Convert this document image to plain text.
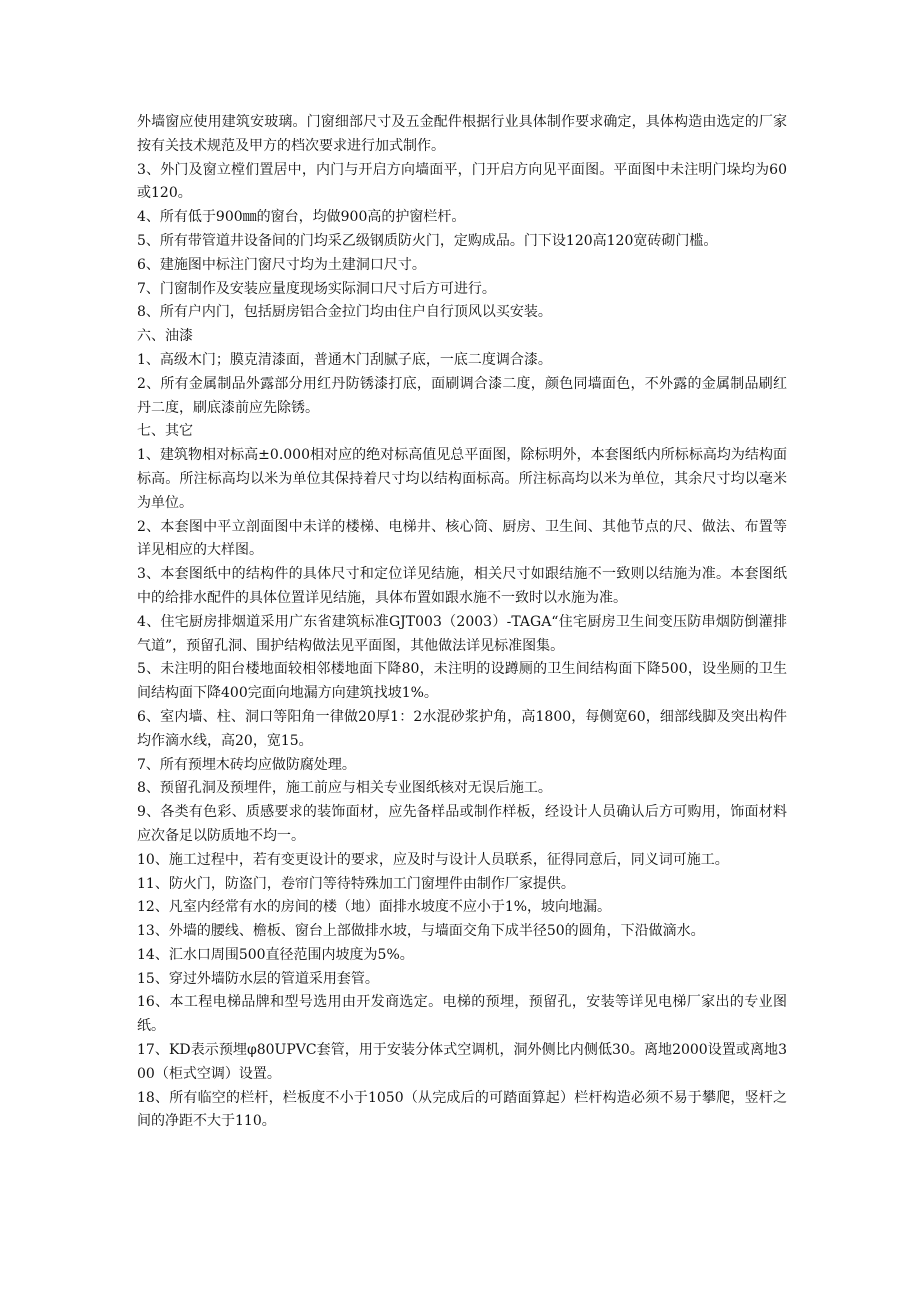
外墙窗应使用建筑安玻璃。门窗细部尺寸及五金配件根据行业具体制作要求确定，具体构造由选定的厂家按有关技术规范及甲方的档次要求进行加式制作。

3、外门及窗立樘们置居中，内门与开启方向墙面平，门开启方向见平面图。平面图中未注明门垛均为60或120。

4、所有低于900㎜的窗台，均做900高的护窗栏杆。

5、所有带管道井设备间的门均采乙级钢质防火门，定购成品。门下设120高120宽砖砌门槛。

6、建施图中标注门窗尺寸均为土建洞口尺寸。

7、门窗制作及安装应量度现场实际洞口尺寸后方可进行。

8、所有户内门，包括厨房铝合金拉门均由住户自行顶风以买安装。

六、油漆

1、高级木门；膜克清漆面，普通木门刮腻子底，一底二度调合漆。

2、所有金属制品外露部分用红丹防锈漆打底，面刷调合漆二度，颜色同墙面色，不外露的金属制品刷红丹二度，刷底漆前应先除锈。

七、其它

1、建筑物相对标高±0.000相对应的绝对标高值见总平面图，除标明外，本套图纸内所标标高均为结构面标高。所注标高均以米为单位其保持着尺寸均以结构面标高。所注标高均以米为单位，其余尺寸均以毫米为单位。

2、本套图中平立剖面图中未详的楼梯、电梯井、核心筒、厨房、卫生间、其他节点的尺、做法、布置等详见相应的大样图。

3、本套图纸中的结构件的具体尺寸和定位详见结施，相关尺寸如跟结施不一致则以结施为准。本套图纸中的给排水配件的具体位置详见结施，具体布置如跟水施不一致时以水施为准。

4、住宅厨房排烟道采用广东省建筑标准GJT003（2003）-TAGA“住宅厨房卫生间变压防串烟防倒灌排气道”，预留孔洞、围护结构做法见平面图，其他做法详见标准图集。

5、未注明的阳台楼地面较相邻楼地面下降80，未注明的设蹲厕的卫生间结构面下降500，设坐厕的卫生间结构面下降400完面向地漏方向建筑找坡1%。

6、室内墙、柱、洞口等阳角一律做20厚1：2水混砂浆护角，高1800，每侧宽60，细部线脚及突出构件均作滴水线，高20，宽15。

7、所有预埋木砖均应做防腐处理。

8、预留孔洞及预埋件，施工前应与相关专业图纸核对无误后施工。

9、各类有色彩、质感要求的装饰面材，应先备样品或制作样板，经设计人员确认后方可购用，饰面材料应次备足以防质地不均一。

10、施工过程中，若有变更设计的要求，应及时与设计人员联系，征得同意后，同义词可施工。

11、防火门，防盗门，卷帘门等待特殊加工门窗埋件由制作厂家提供。

12、凡室内经常有水的房间的楼（地）面排水坡度不应小于1%，坡向地漏。

13、外墙的腰线、檐板、窗台上部做排水坡，与墙面交角下成半径50的圆角，下沿做滴水。

14、汇水口周围500直径范围内坡度为5%。

15、穿过外墙防水层的管道采用套管。

16、本工程电梯品牌和型号选用由开发商选定。电梯的预埋，预留孔，安装等详见电梯厂家出的专业图纸。

17、KD表示预埋φ80UPVC套管，用于安装分体式空调机，洞外侧比内侧低30。离地2000设置或离地300（柜式空调）设置。

18、所有临空的栏杆，栏板度不小于1050（从完成后的可踏面算起）栏杆构造必须不易于攀爬，竖杆之间的净距不大于110。
